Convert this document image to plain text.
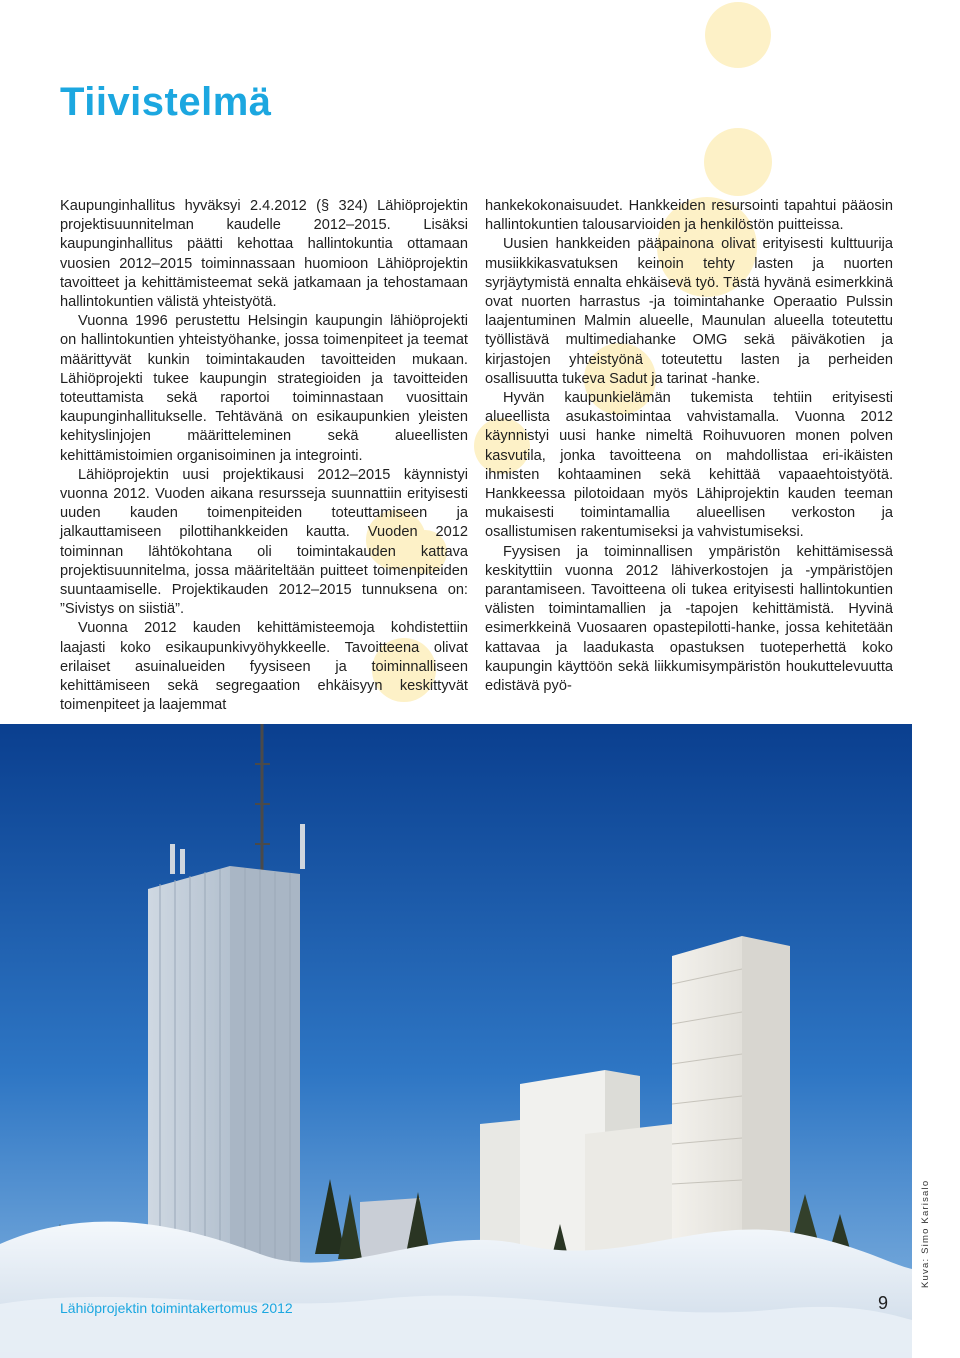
Tiivistelmä

Kaupunginhallitus hyväksyi 2.4.2012 (§ 324) Lähiöprojektin projektisuunnitelman kaudelle 2012–2015. Lisäksi kaupunginhallitus päätti kehottaa hallintokuntia ottamaan vuosien 2012–2015 toiminnassaan huomioon Lähiöprojektin tavoitteet ja kehittämisteemat sekä jatkamaan ja tehostamaan hallintokuntien välistä yhteistyötä.

Vuonna 1996 perustettu Helsingin kaupungin lähiöprojekti on hallintokuntien yhteistyöhanke, jossa toimenpiteet ja teemat määrittyvät kunkin toimintakauden tavoitteiden mukaan. Lähiöprojekti tukee kaupungin strategioiden ja tavoitteiden toteuttamista sekä raportoi toiminnastaan vuosittain kaupunginhallitukselle. Tehtävänä on esikaupunkien yleisten kehityslinjojen määritteleminen sekä alueellisten kehittämistoimien organisoiminen ja integrointi.

Lähiöprojektin uusi projektikausi 2012–2015 käynnistyi vuonna 2012. Vuoden aikana resursseja suunnattiin erityisesti uuden kauden toimenpiteiden toteuttamiseen ja jalkauttamiseen pilottihankkeiden kautta. Vuoden 2012 toiminnan lähtökohtana oli toimintakauden kattava projektisuunnitelma, jossa määriteltään puitteet toimenpiteiden suuntaamiselle. Projektikauden 2012–2015 tunnuksena on: ”Sivistys on siistiä”.

Vuonna 2012 kauden kehittämisteemoja kohdistettiin laajasti koko esikaupunkivyöhykkeelle. Tavoitteena olivat erilaiset asuinalueiden fyysiseen ja toiminnalliseen kehittämiseen sekä segregaation ehkäisyyn keskittyvät toimenpiteet ja laajemmat

hankekokonaisuudet. Hankkeiden resursointi tapahtui pääosin hallintokuntien talousarvioiden ja henkilöstön puitteissa.

Uusien hankkeiden pääpainona olivat erityisesti kulttuurija musiikkikasvatuksen keinoin tehty lasten ja nuorten syrjäytymistä ennalta ehkäisevä työ. Tästä hyvänä esimerkkinä ovat nuorten harrastus -ja toimintahanke Operaatio Pulssin laajentuminen Malmin alueelle, Maunulan alueella toteutettu työllistävä multimediahanke OMG sekä päiväkotien ja kirjastojen yhteistyönä toteutettu lasten ja perheiden osallisuutta tukeva Sadut ja tarinat -hanke.

Hyvän kaupunkielämän tukemista tehtiin erityisesti alueellista asukastoimintaa vahvistamalla. Vuonna 2012 käynnistyi uusi hanke nimeltä Roihuvuoren monen polven kasvutila, jonka tavoitteena on mahdollistaa eri-ikäisten ihmisten kohtaaminen sekä kehittää vapaaehtoistyötä. Hankkeessa pilotoidaan myös Lähiprojektin kauden teeman mukaisesti toimintamallia alueellisen verkoston ja osallistumisen rakentumiseksi ja vahvistumiseksi.

Fyysisen ja toiminnallisen ympäristön kehittämisessä keskityttiin vuonna 2012 lähiverkostojen ja -ympäristöjen parantamiseen. Tavoitteena oli tukea erityisesti hallintokuntien välisten toimintamallien ja -tapojen kehittämistä. Hyvinä esimerkkeinä Vuosaaren opastepilotti-hanke, jossa kehitetään kattavaa ja laadukasta opastuksen tuoteperhettä koko kaupungin käyttöön sekä liikkumisympäristön houkuttelevuutta edistävä pyö-

Kuva: Simo Karisalo
Lähiöprojektin toimintakertomus 2012	9
